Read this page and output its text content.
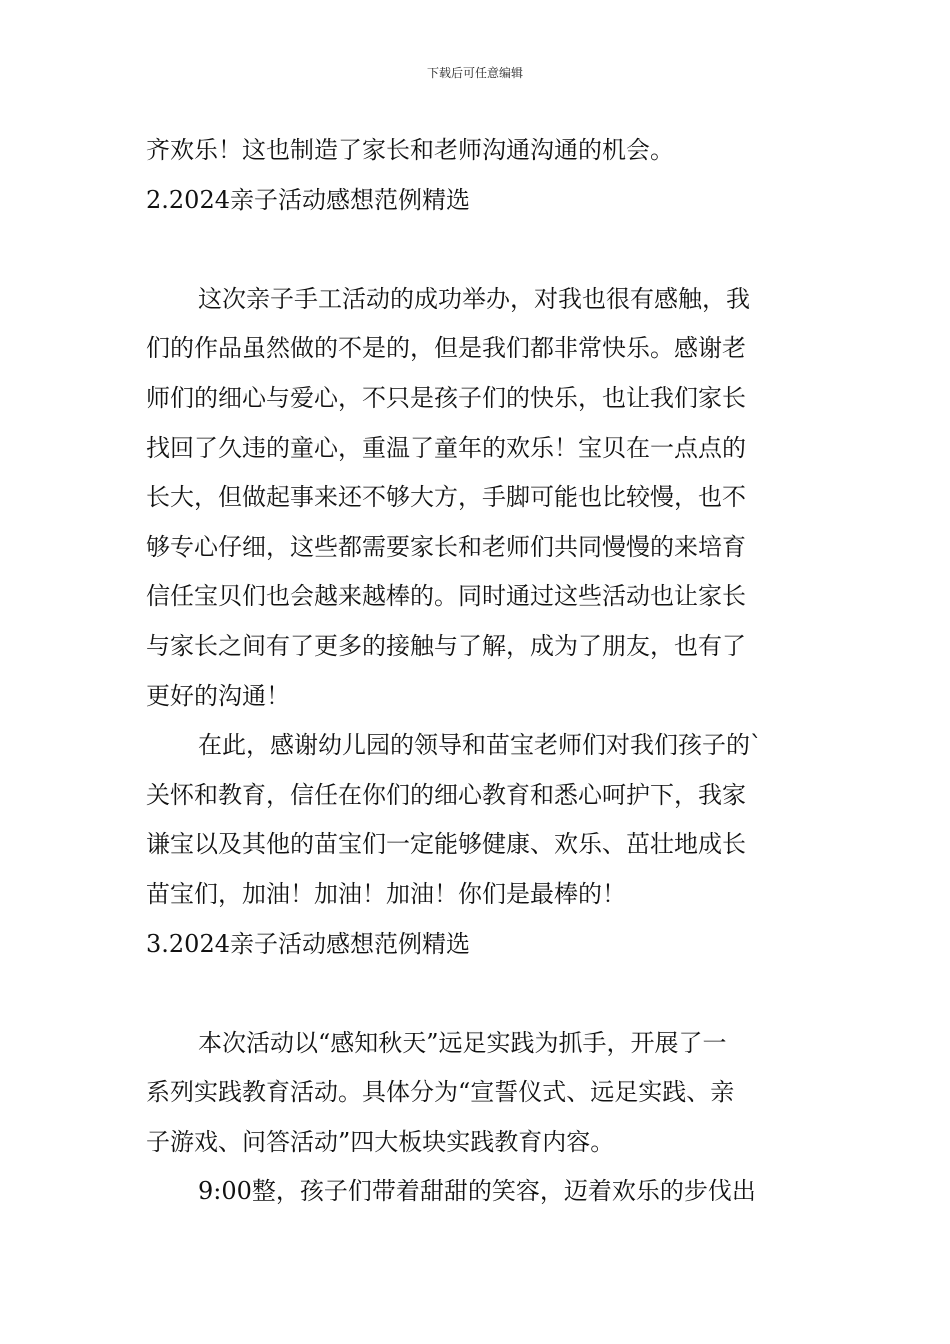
下载后可任意编辑
齐欢乐！这也制造了家长和老师沟通沟通的机会。
2.2024亲子活动感想范例精选
这次亲子手工活动的成功举办，对我也很有感触，我
们的作品虽然做的不是的，但是我们都非常快乐。感谢老
师们的细心与爱心，不只是孩子们的快乐，也让我们家长
找回了久违的童心，重温了童年的欢乐！宝贝在一点点的
长大，但做起事来还不够大方，手脚可能也比较慢，也不
够专心仔细，这些都需要家长和老师们共同慢慢的来培育
信任宝贝们也会越来越棒的。同时通过这些活动也让家长
与家长之间有了更多的接触与了解，成为了朋友，也有了
更好的沟通！
在此，感谢幼儿园的领导和苗宝老师们对我们孩子的`
关怀和教育，信任在你们的细心教育和悉心呵护下，我家
谦宝以及其他的苗宝们一定能够健康、欢乐、茁壮地成长
苗宝们，加油！加油！加油！你们是最棒的！
3.2024亲子活动感想范例精选
本次活动以“感知秋天”远足实践为抓手，开展了一
系列实践教育活动。具体分为“宣誓仪式、远足实践、亲
子游戏、问答活动”四大板块实践教育内容。
9:00整，孩子们带着甜甜的笑容，迈着欢乐的步伐出
